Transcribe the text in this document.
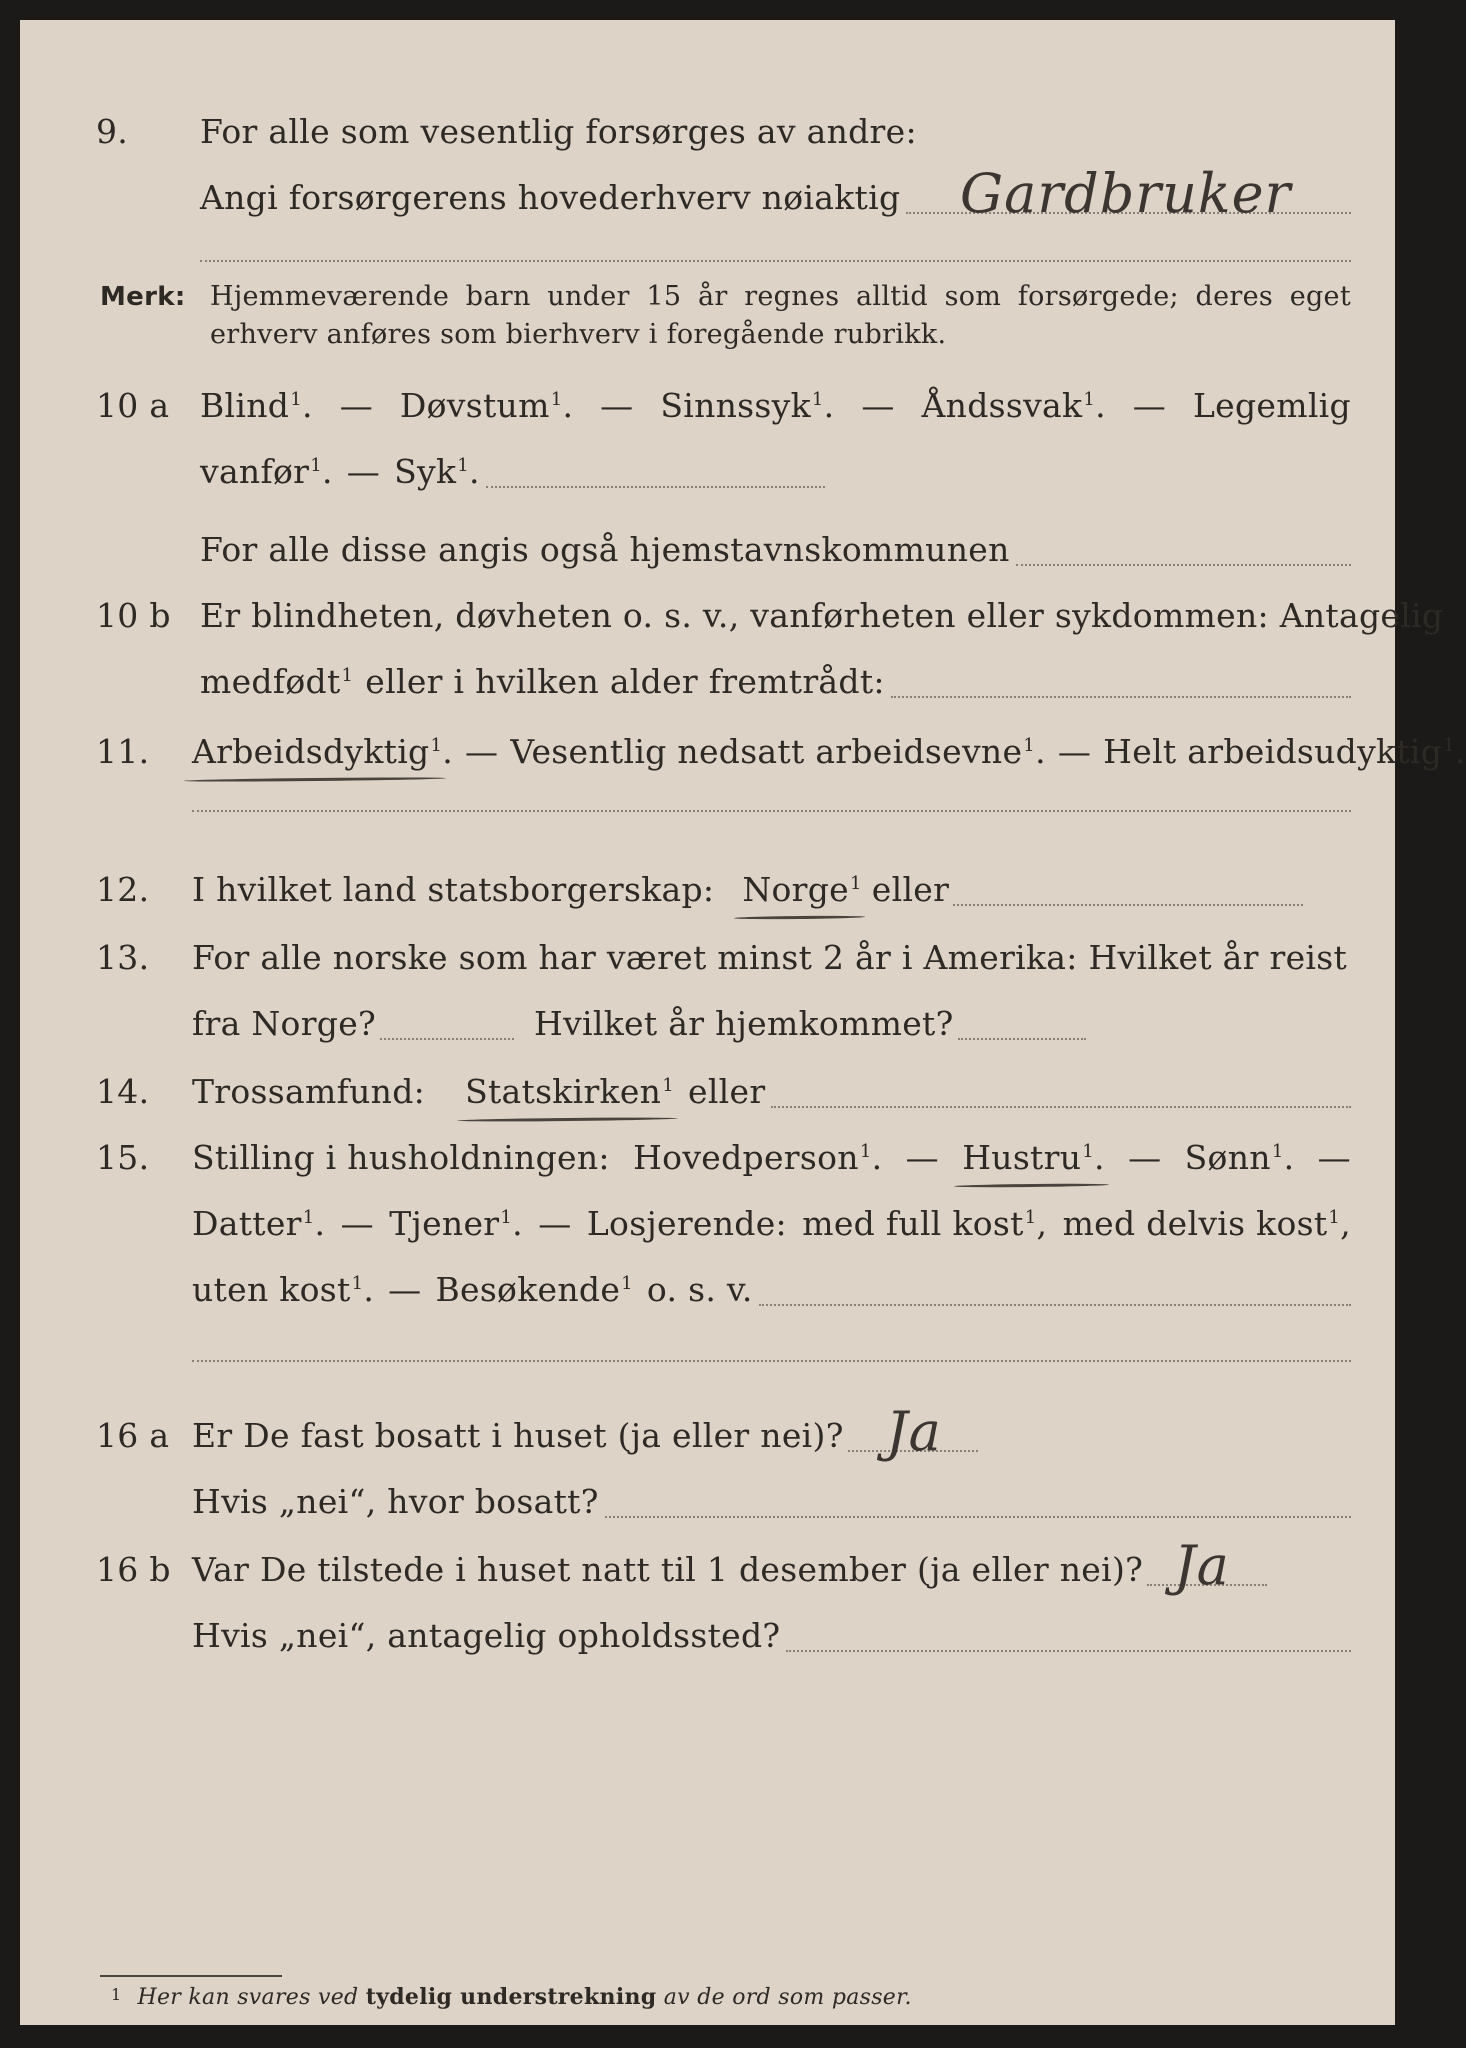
9.	For alle som vesentlig forsørges av andre:
Angi forsørgerens hovederhverv nøiaktig Gardbruker
Merk: Hjemmeværende barn under 15 år regnes alltid som forsørgede; deres eget erhverv anføres som bierhverv i foregående rubrikk.
10 a Blind$^1$. — Døvstum$^1$. — Sinnssyk$^1$. — Åndssvak$^1$. — Legemlig
vanfør$^1$. — Syk$^1$.
For alle disse angis også hjemstavnskommunen
10 b Er blindheten, døvheten o. s. v., vanførheten eller sykdommen: Antagelig
medfødt$^1$ eller i hvilken alder fremtrådt:
11.	Arbeidsdyktig$^1$ . — Vesentlig nedsatt arbeidsevne$^1$. — Helt arbeidsudyktig$^1$.
12.	I hvilket land statsborgerskap: Norge$^1$ eller
13.	For alle norske som har været minst 2 år i Amerika: Hvilket år reist
fra Norge?	Hvilket år hjemkommet?
14.	Trossamfund: Statskirken$^1$ eller
15.	Stilling i husholdningen: Hovedperson$^1$. — Hustru$^1$. — Sønn$^1$. —
Datter$^1$. — Tjener$^1$. — Losjerende: med full kost$^1$, med delvis kost$^1$,
uten kost$^1$. — Besøkende$^1$ o. s. v.
16 a Er De fast bosatt i huset (ja eller nei)? Ja
Hvis „nei“, hvor bosatt?
16 b Var De tilstede i huset natt til 1 desember (ja eller nei)? Ja
Hvis „nei“, antagelig opholdssted?
$^1$ Her kan svares ved tydelig understrekning av de ord som passer.
